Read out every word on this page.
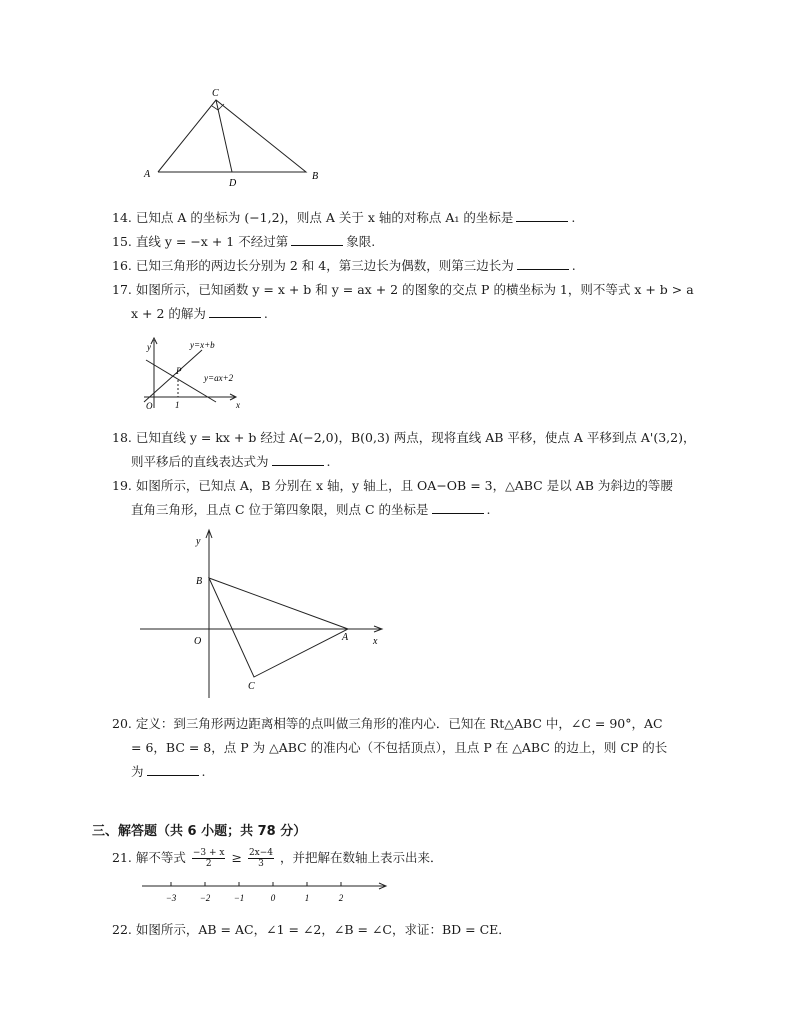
C
A
D
B
14. 已知点 A 的坐标为 (−1,2)，则点 A 关于 x 轴的对称点 A₁ 的坐标是	.
15. 直线 y = −x + 1 不经过第	象限.
16. 已知三角形的两边长分别为 2 和 4，第三边长为偶数，则第三边长为	.
17. 如图所示，已知函数 y = x + b 和 y = ax + 2 的图象的交点 P 的横坐标为 1，则不等式 x + b > a
x + 2 的解为	.
y	y=x+b
P
y=ax+2
O	1	x
18. 已知直线 y = kx + b 经过 A(−2,0)，B(0,3) 两点，现将直线 AB 平移，使点 A 平移到点 A'(3,2)，
则平移后的直线表达式为	.
19. 如图所示，已知点 A，B 分别在 x 轴，y 轴上，且 OA−OB = 3，△ABC 是以 AB 为斜边的等腰
直角三角形，且点 C 位于第四象限，则点 C 的坐标是	.
y
B
O	A x
C
20. 定义：到三角形两边距离相等的点叫做三角形的准内心．已知在 Rt△ABC 中，∠C = 90°，AC
= 6，BC = 8，点 P 为 △ABC 的准内心（不包括顶点），且点 P 在 △ABC 的边上，则 CP 的长
为	.
三、解答题（共 6 小题；共 78 分）
21. 解不等式 $\frac{-3 + x}{2} \ge \frac{2x-4}{3}$ ，并把解在数轴上表示出来．
−3	−2	−1	0	1	2
22. 如图所示，AB = AC，∠1 = ∠2，∠B = ∠C，求证：BD = CE．
